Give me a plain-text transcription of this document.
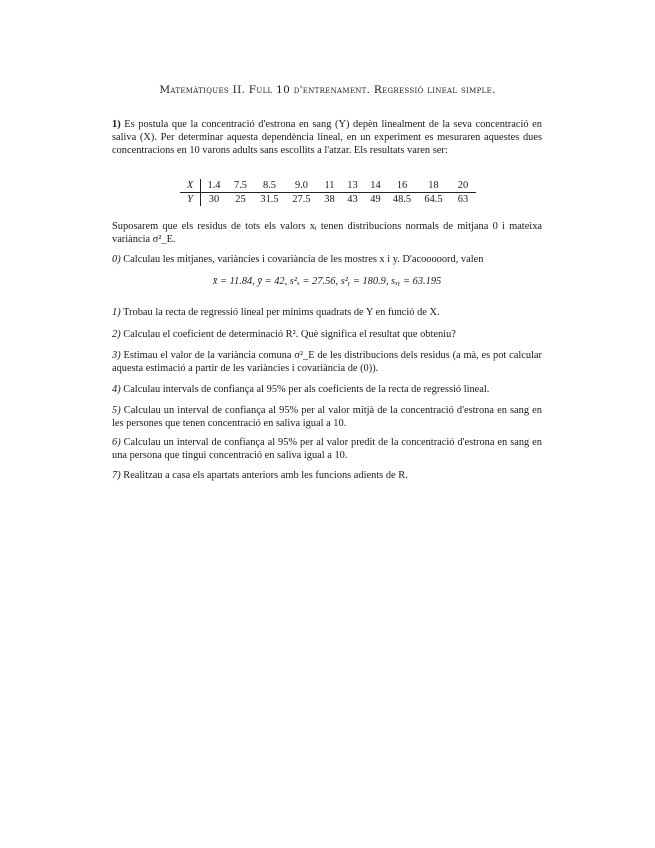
Matemàtiques II. Full 10 d'entrenament. Regressió lineal simple.
1) Es postula que la concentració d'estrona en sang (Y) depèn linealment de la seva concentració en saliva (X). Per determinar aquesta dependència lineal, en un experiment es mesuraren aquestes dues concentracions en 10 varons adults sans escollits a l'atzar. Els resultats varen ser:
X	1.4	7.5	8.5	9.0	11	13	14	16	18	20
Y	30	25	31.5	27.5	38	43	49	48.5	64.5	63
Suposarem que els residus de tots els valors xᵢ tenen distribucions normals de mitjana 0 i mateixa variància σ²_E.
0) Calculau les mitjanes, variàncies i covariància de les mostres x i y. D'acooooord, valen
x̄ = 11.84, ȳ = 42, s²ₓ = 27.56, s²ᵧ = 180.9, sₓᵧ = 63.195
1) Trobau la recta de regressió lineal per mínims quadrats de Y en funció de X.
2) Calculau el coeficient de determinació R². Què significa el resultat que obteniu?
3) Estimau el valor de la variància comuna σ²_E de les distribucions dels residus (a mà, es pot calcular aquesta estimació a partir de les variàncies i covariància de (0)).
4) Calculau intervals de confiança al 95% per als coeficients de la recta de regressió lineal.
5) Calculau un interval de confiança al 95% per al valor mitjà de la concentració d'estrona en sang en les persones que tenen concentració en saliva igual a 10.
6) Calculau un interval de confiança al 95% per al valor predit de la concentració d'estrona en sang en una persona que tingui concentració en saliva igual a 10.
7) Realitzau a casa els apartats anteriors amb les funcions adients de R.
